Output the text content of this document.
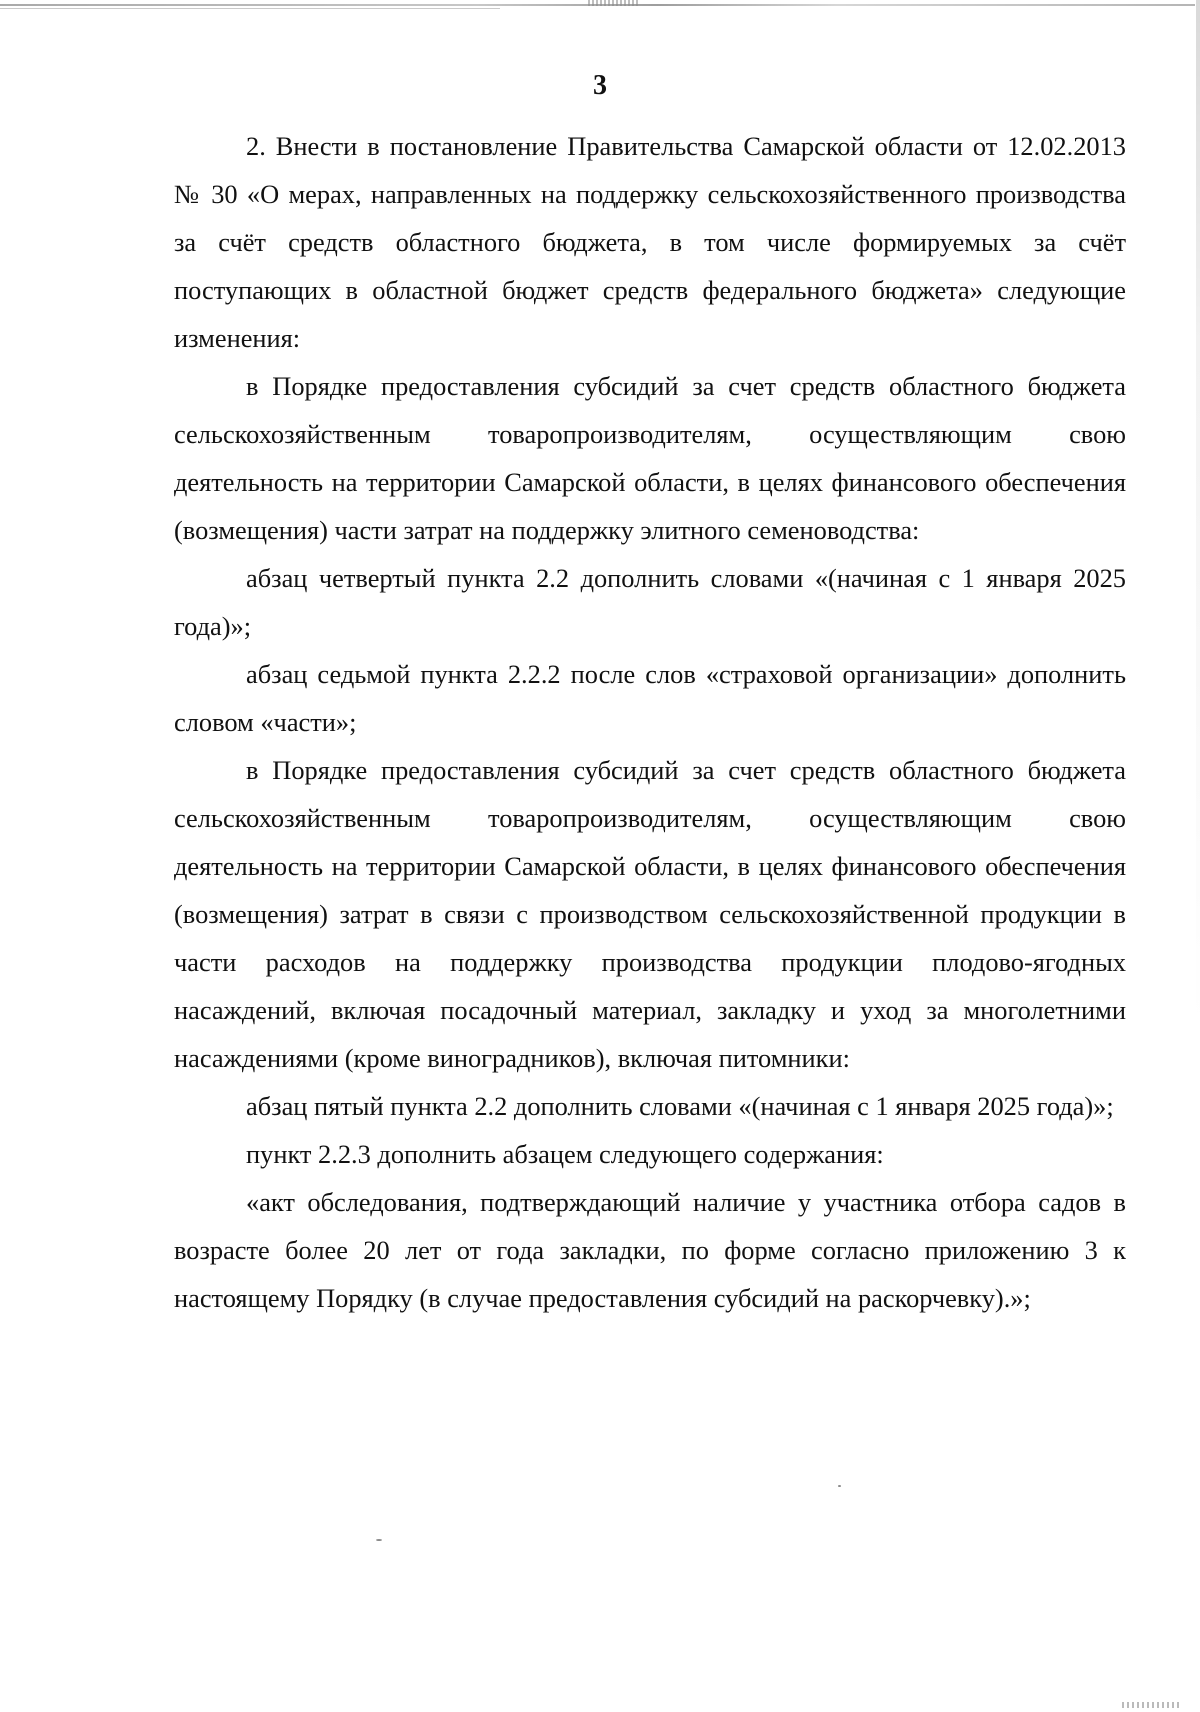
3

2. Внести в постановление Правительства Самарской области от 12.02.2013 № 30 «О мерах, направленных на поддержку сельскохозяйственного производства за счёт средств областного бюджета, в том числе формируемых за счёт поступающих в областной бюджет средств федерального бюджета» следующие изменения:

в Порядке предоставления субсидий за счет средств областного бюджета сельскохозяйственным товаропроизводителям, осуществляющим свою деятельность на территории Самарской области, в целях финансового обеспечения (возмещения) части затрат на поддержку элитного семеноводства:

абзац четвертый пункта 2.2 дополнить словами «(начиная с 1 января 2025 года)»;

абзац седьмой пункта 2.2.2 после слов «страховой организации» дополнить словом «части»;

в Порядке предоставления субсидий за счет средств областного бюджета сельскохозяйственным товаропроизводителям, осуществляющим свою деятельность на территории Самарской области, в целях финансового обеспечения (возмещения) затрат в связи с производством сельскохозяйственной продукции в части расходов на поддержку производства продукции плодово-ягодных насаждений, включая посадочный материал, закладку и уход за многолетними насаждениями (кроме виноградников), включая питомники:

абзац пятый пункта 2.2 дополнить словами «(начиная с 1 января 2025 года)»;

пункт 2.2.3 дополнить абзацем следующего содержания:

«акт обследования, подтверждающий наличие у участника отбора садов в возрасте более 20 лет от года закладки, по форме согласно приложению 3 к настоящему Порядку (в случае предоставления субсидий на раскорчевку).»;
